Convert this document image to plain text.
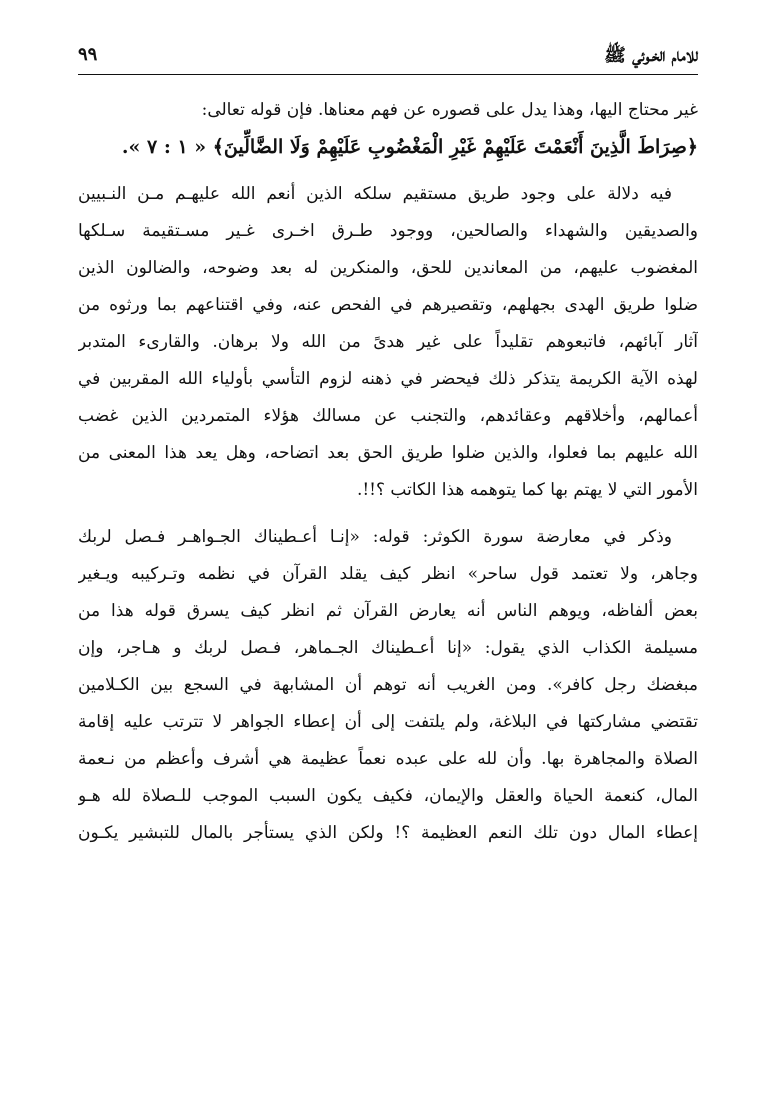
للامام الخـوئي ﷺ
٩٩
غير محتاج اليها، وهذا يدل على قصوره عن فهم معناها. فإن قوله تعالى:
﴿صِرَاطَ الَّذِينَ أَنْعَمْتَ عَلَيْهِمْ غَيْرِ الْمَغْضُوبِ عَلَيْهِمْ وَلَا الضَّالِّينَ﴾ « ١ : ٧ ».
فيه دلالة على وجود طريق مستقيم سلكه الذين أنعم الله عليهـم مـن النـبيين
والصديقين والشهداء والصالحين، ووجود طـرق اخـرى غـير مسـتقيمة سـلكها
المغضوب عليهم، من المعاندين للحق، والمنكرين له بعد وضوحه، والضالون الذين
ضلوا طريق الهدى بجهلهم، وتقصيرهم في الفحص عنه، وفي اقتناعهم بما ورثوه من
آثار آبائهم، فاتبعوهم تقليداً على غير هدىً من الله ولا برهان. والقارىء المتدبر
لهذه الآية الكريمة يتذكر ذلك فيحضر في ذهنه لزوم التأسي بأولياء الله المقربين في
أعمالهم، وأخلاقهم وعقائدهم، والتجنب عن مسالك هؤلاء المتمردين الذين غضب
الله عليهم بما فعلوا، والذين ضلوا طريق الحق بعد اتضاحه، وهل يعد هذا المعنى من
الأمور التي لا يهتم بها كما يتوهمه هذا الكاتب ؟!!.
وذكر في معارضة سورة الكوثر: قوله: «إنـا أعـطيناك الجـواهـر فـصل لربك
وجاهر، ولا تعتمد قول ساحر» انظر كيف يقلد القرآن في نظمه وتـركيبه ويـغير
بعض ألفاظه، ويوهم الناس أنه يعارض القرآن ثم انظر كيف يسرق قوله هذا من
مسيلمة الكذاب الذي يقول: «إنا أعـطيناك الجـماهر، فـصل لربك و هـاجر، وإن
مبغضك رجل كافر». ومن الغريب أنه توهم أن المشابهة في السجع بين الكـلامين
تقتضي مشاركتها في البلاغة، ولم يلتفت إلى أن إعطاء الجواهر لا تترتب عليه إقامة
الصلاة والمجاهرة بها. وأن لله على عبده نعماً عظيمة هي أشرف وأعظم من نـعمة
المال، كنعمة الحياة والعقل والإيمان، فكيف يكون السبب الموجب للـصلاة لله هـو
إعطاء المال دون تلك النعم العظيمة ؟! ولكن الذي يستأجر بالمال للتبشير يكـون
